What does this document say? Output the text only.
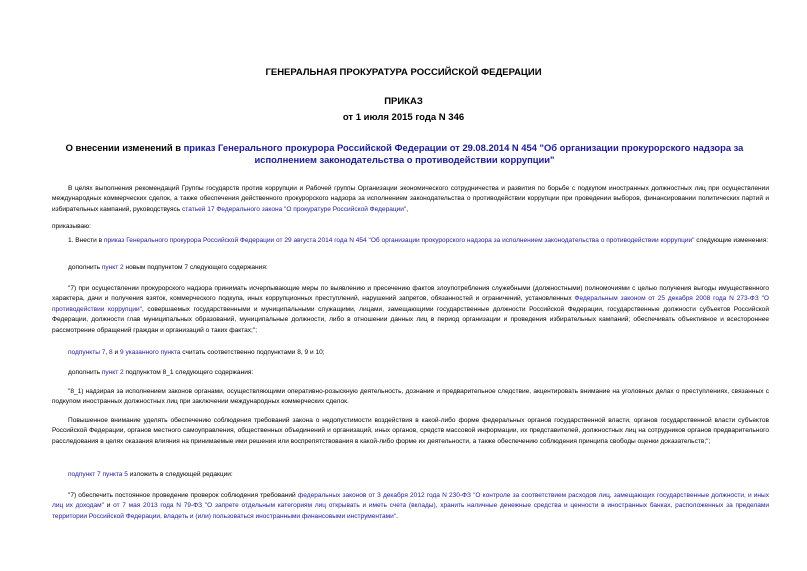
ГЕНЕРАЛЬНАЯ ПРОКУРАТУРА РОССИЙСКОЙ ФЕДЕРАЦИИ
ПРИКАЗ
от 1 июля 2015 года N 346
О внесении изменений в приказ Генерального прокурора Российской Федерации от 29.08.2014 N 454 "Об организации прокурорского надзора за исполнением законодательства о противодействии коррупции"
В целях выполнения рекомендаций Группы государств против коррупции и Рабочей группы Организации экономического сотрудничества и развития по борьбе с подкупом иностранных должностных лиц при осуществлении международных коммерческих сделок, а также обеспечения действенного прокурорского надзора за исполнением законодательства о противодействии коррупции при проведении выборов, финансировании политических партий и избирательных кампаний, руководствуясь статьей 17 Федерального закона "О прокуратуре Российской Федерации",
приказываю:
1. Внести в приказ Генерального прокурора Российской Федерации от 29 августа 2014 года N 454 "Об организации прокурорского надзора за исполнением законодательства о противодействии коррупции" следующие изменения:
дополнить пункт 2 новым подпунктом 7 следующего содержания:
"7) при осуществлении прокурорского надзора принимать исчерпывающие меры по выявлению и пресечению фактов злоупотребления служебными (должностными) полномочиями с целью получения выгоды имущественного характера, дачи и получения взяток, коммерческого подкупа, иных коррупционных преступлений, нарушений запретов, обязанностей и ограничений, установленных Федеральным законом от 25 декабря 2008 года N 273-ФЗ "О противодействии коррупции", совершаемых государственными и муниципальными служащими, лицами, замещающими государственные должности Российской Федерации, государственные должности субъектов Российской Федерации, должности глав муниципальных образований, муниципальные должности, либо в отношении данных лиц в период организации и проведения избирательных кампаний; обеспечивать объективное и всестороннее рассмотрение обращений граждан и организаций о таких фактах;";
подпункты 7, 8 и 9 указанного пункта считать соответственно подпунктами 8, 9 и 10;
дополнить пункт 2 подпунктом 8_1 следующего содержания:
"8_1) надзирая за исполнением законов органами, осуществляющими оперативно-розыскную деятельность, дознание и предварительное следствие, акцентировать внимание на уголовных делах о преступлениях, связанных с подкупом иностранных должностных лиц при заключении международных коммерческих сделок.
Повышенное внимание уделять обеспечению соблюдения требований закона о недопустимости воздействия в какой-либо форме федеральных органов государственной власти, органов государственной власти субъектов Российской Федерации, органов местного самоуправления, общественных объединений и организаций, иных органов, средств массовой информации, их представителей, должностных лиц на сотрудников органов предварительного расследования в целях оказания влияния на принимаемые ими решения или воспрепятствования в какой-либо форме их деятельности, а также обеспечению соблюдения принципа свободы оценки доказательств;";
подпункт 7 пункта 5 изложить в следующей редакции:
"7) обеспечить постоянное проведение проверок соблюдения требований федеральных законов от 3 декабря 2012 года N 230-ФЗ "О контроле за соответствием расходов лиц, замещающих государственные должности, и иных лиц их доходам" и от 7 мая 2013 года N 79-ФЗ "О запрете отдельным категориям лиц открывать и иметь счета (вклады), хранить наличные денежные средства и ценности в иностранных банках, расположенных за пределами территории Российской Федерации, владеть и (или) пользоваться иностранными финансовыми инструментами".
